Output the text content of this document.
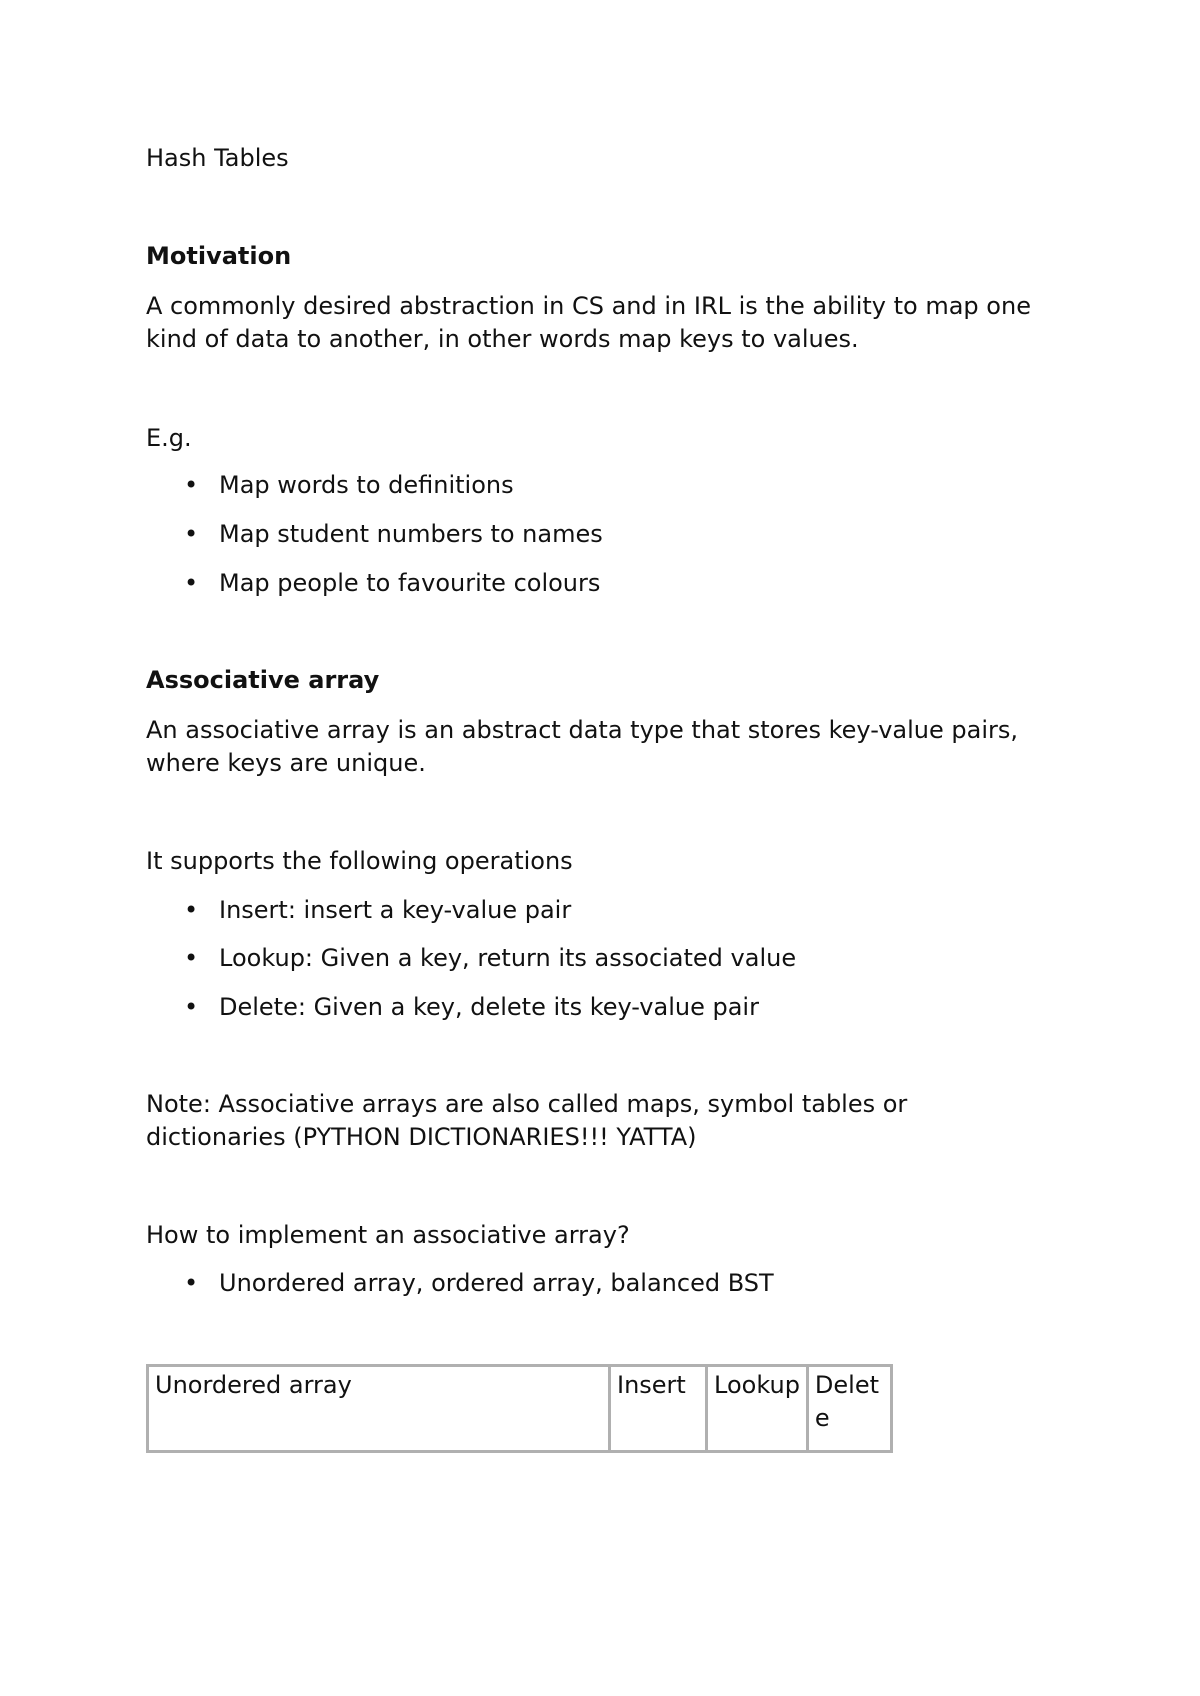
Hash Tables

Motivation

A commonly desired abstraction in CS and in IRL is the ability to map one

kind of data to another, in other words map keys to values.

E.g.

• Map words to definitions

• Map student numbers to names

• Map people to favourite colours

Associative array

An associative array is an abstract data type that stores key-value pairs,

where keys are unique.

It supports the following operations

• Insert: insert a key-value pair

• Lookup: Given a key, return its associated value

• Delete: Given a key, delete its key-value pair

Note: Associative arrays are also called maps, symbol tables or

dictionaries (PYTHON DICTIONARIES!!! YATTA)

How to implement an associative array?

• Unordered array, ordered array, balanced BST

Unordered array	Insert	Lookup	Delete
